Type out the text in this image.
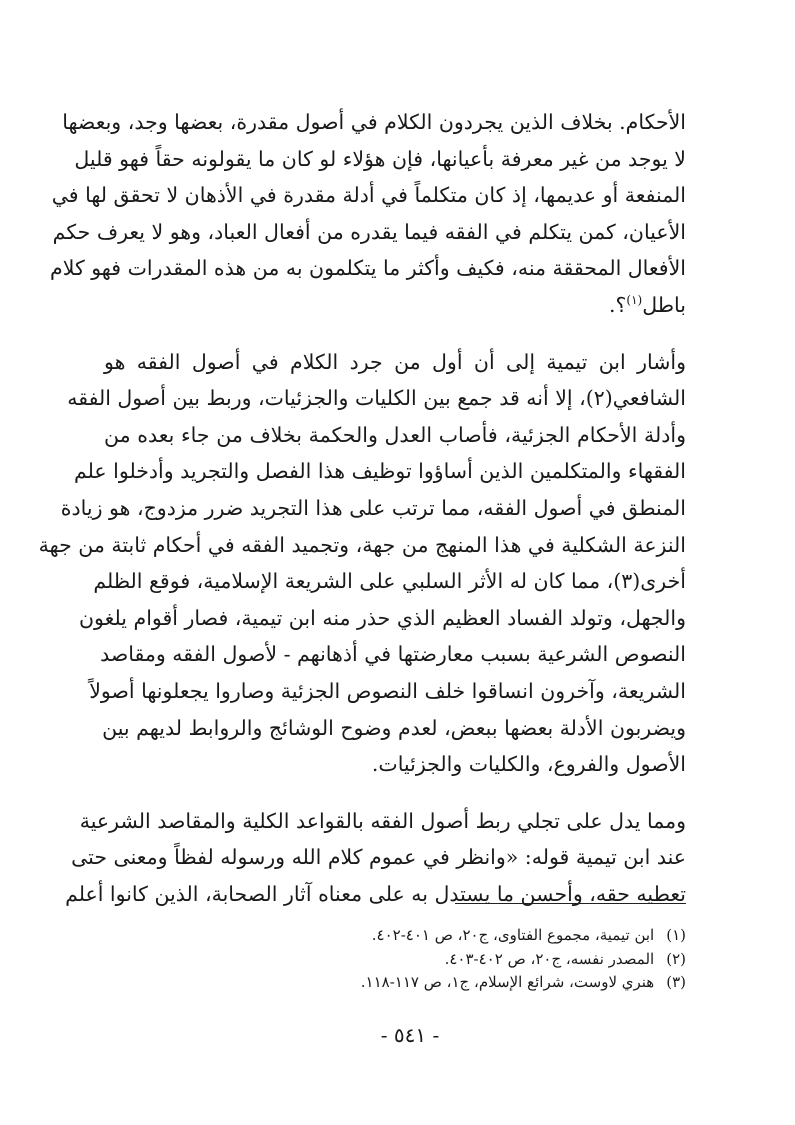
الأحكام. بخلاف الذين يجردون الكلام في أصول مقدرة، بعضها وجد، وبعضها
لا يوجد من غير معرفة بأعيانها، فإن هؤلاء لو كان ما يقولونه حقاً فهو قليل
المنفعة أو عديمها، إذ كان متكلماً في أدلة مقدرة في الأذهان لا تحقق لها في
الأعيان، كمن يتكلم في الفقه فيما يقدره من أفعال العباد، وهو لا يعرف حكم
الأفعال المحققة منه، فكيف وأكثر ما يتكلمون به من هذه المقدرات فهو كلام
باطل$^{(١)}$؟.

وأشار ابن تيمية إلى أن أول من جرد الكلام في أصول الفقه هو
الشافعي(٢)، إلا أنه قد جمع بين الكليات والجزئيات، وربط بين أصول الفقه
وأدلة الأحكام الجزئية، فأصاب العدل والحكمة بخلاف من جاء بعده من
الفقهاء والمتكلمين الذين أساؤوا توظيف هذا الفصل والتجريد وأدخلوا علم
المنطق في أصول الفقه، مما ترتب على هذا التجريد ضرر مزدوج، هو زيادة
النزعة الشكلية في هذا المنهج من جهة، وتجميد الفقه في أحكام ثابتة من جهة
أخرى(٣)، مما كان له الأثر السلبي على الشريعة الإسلامية، فوقع الظلم
والجهل، وتولد الفساد العظيم الذي حذر منه ابن تيمية، فصار أقوام يلغون
النصوص الشرعية بسبب معارضتها في أذهانهم - لأصول الفقه ومقاصد
الشريعة، وآخرون انساقوا خلف النصوص الجزئية وصاروا يجعلونها أصولاً
ويضربون الأدلة بعضها ببعض، لعدم وضوح الوشائج والروابط لديهم بين
الأصول والفروع، والكليات والجزئيات.

ومما يدل على تجلي ربط أصول الفقه بالقواعد الكلية والمقاصد الشرعية
عند ابن تيمية قوله: «وانظر في عموم كلام الله ورسوله لفظاً ومعنى حتى
تعطيه حقه، وأحسن ما يستدل به على معناه آثار الصحابة، الذين كانوا أعلم

(١)ابن تيمية، مجموع الفتاوى، ج٢٠، ص ٤٠١-٤٠٢.
(٢)المصدر نفسه، ج٢٠، ص ٤٠٢-٤٠٣.
(٣)هنري لاوست، شرائع الإسلام، ج١، ص ١١٧-١١٨.
- ٥٤١ -
